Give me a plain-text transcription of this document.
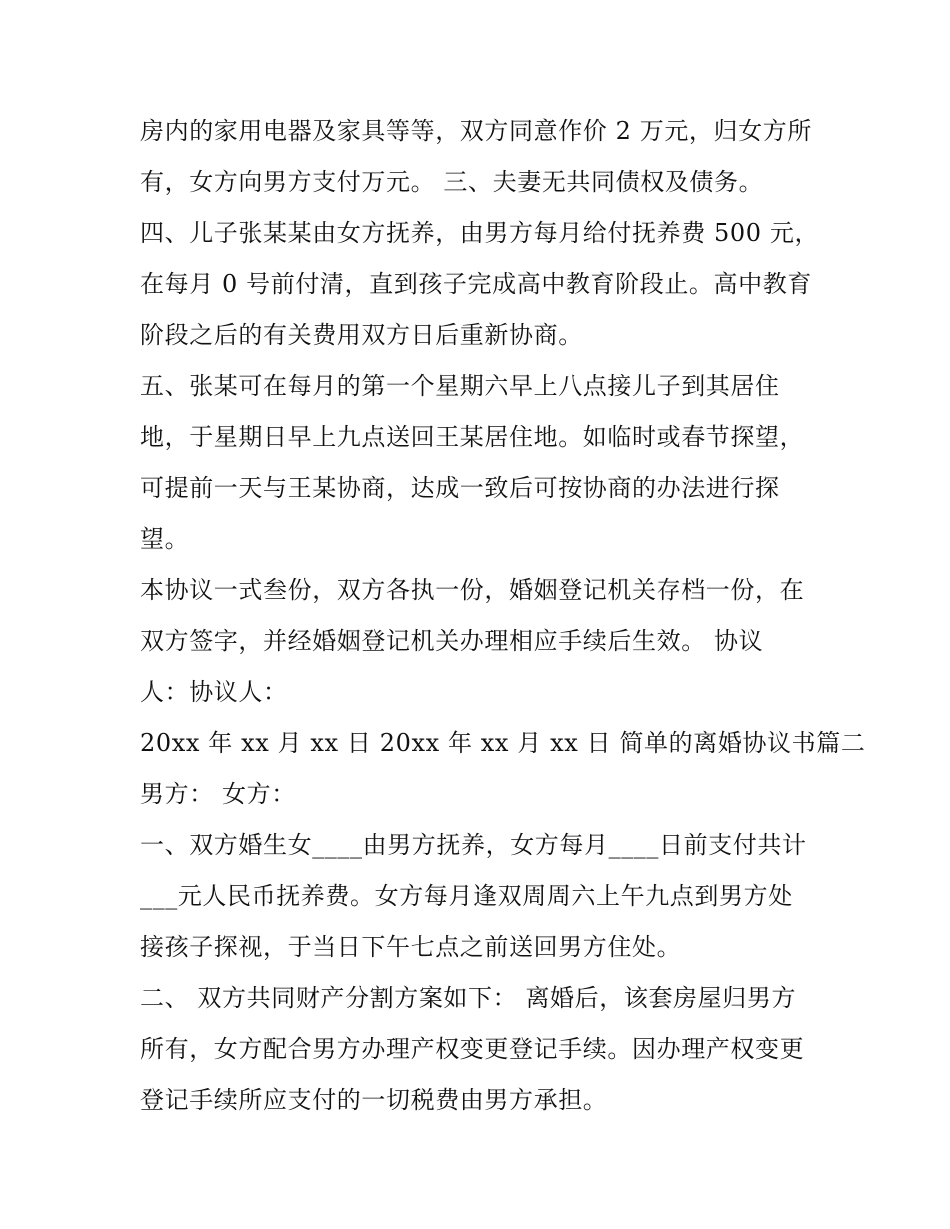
房内的家用电器及家具等等，双方同意作价 2 万元，归女方所
有，女方向男方支付万元。 三、夫妻无共同债权及债务。
四、儿子张某某由女方抚养，由男方每月给付抚养费 500 元，
在每月 0 号前付清，直到孩子完成高中教育阶段止。高中教育
阶段之后的有关费用双方日后重新协商。
五、张某可在每月的第一个星期六早上八点接儿子到其居住
地，于星期日早上九点送回王某居住地。如临时或春节探望，
可提前一天与王某协商，达成一致后可按协商的办法进行探
望。
本协议一式叁份，双方各执一份，婚姻登记机关存档一份，在
双方签字，并经婚姻登记机关办理相应手续后生效。 协议
人：协议人：
20xx 年 xx 月 xx 日 20xx 年 xx 月 xx 日 简单的离婚协议书篇二
男方： 女方：
一、双方婚生女____由男方抚养，女方每月____日前支付共计
___元人民币抚养费。女方每月逢双周周六上午九点到男方处
接孩子探视，于当日下午七点之前送回男方住处。
二、 双方共同财产分割方案如下： 离婚后，该套房屋归男方
所有，女方配合男方办理产权变更登记手续。因办理产权变更
登记手续所应支付的一切税费由男方承担。
